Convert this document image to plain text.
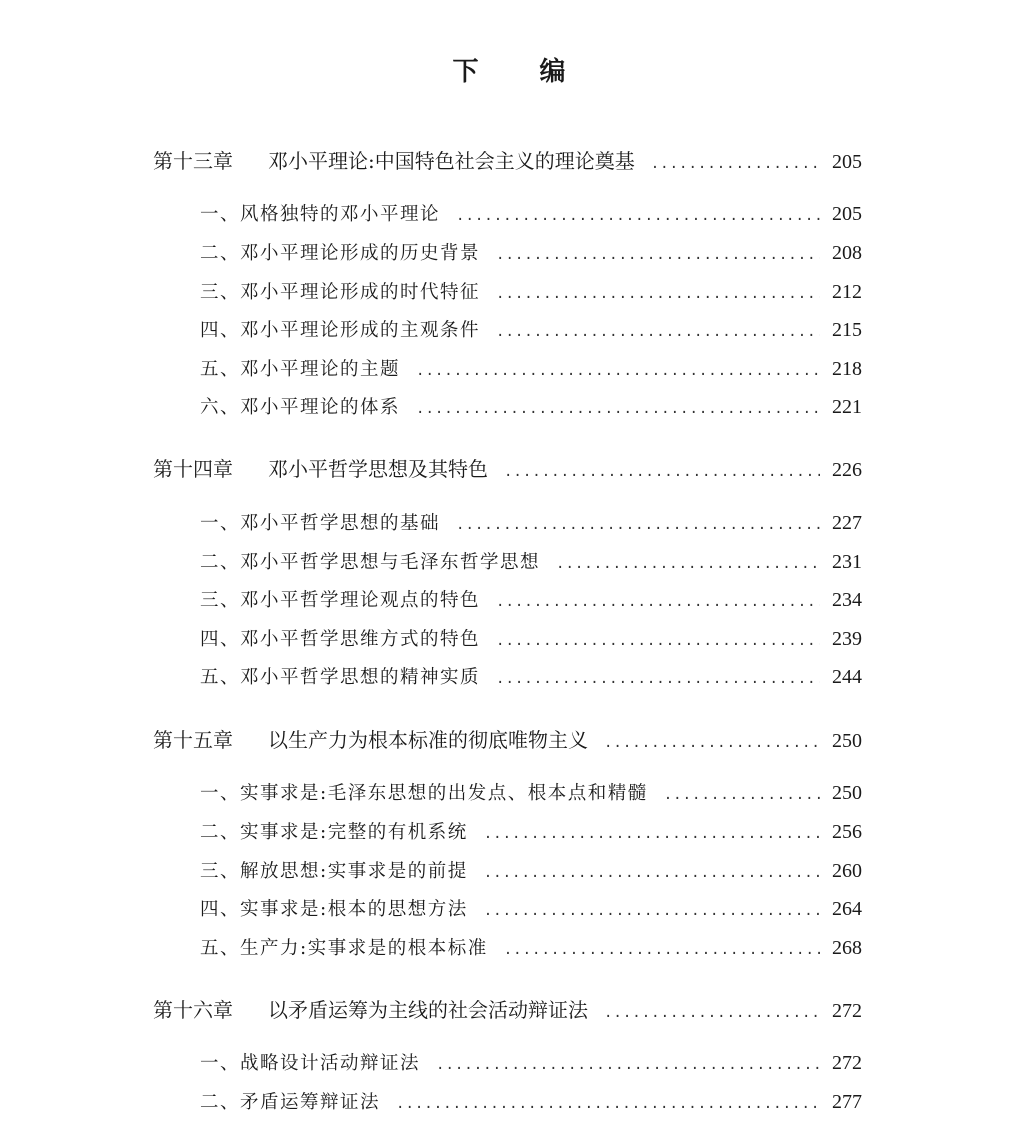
下 编
第十三章	邓小平理论:中国特色社会主义的理论奠基 .....	205
一、风格独特的邓小平理论 .....	205
二、邓小平理论形成的历史背景 .....	208
三、邓小平理论形成的时代特征 .....	212
四、邓小平理论形成的主观条件 .....	215
五、邓小平理论的主题 .....	218
六、邓小平理论的体系 .....	221
第十四章	邓小平哲学思想及其特色 .....	226
一、邓小平哲学思想的基础 .....	227
二、邓小平哲学思想与毛泽东哲学思想 .....	231
三、邓小平哲学理论观点的特色 .....	234
四、邓小平哲学思维方式的特色 .....	239
五、邓小平哲学思想的精神实质 .....	244
第十五章	以生产力为根本标准的彻底唯物主义 .....	250
一、实事求是:毛泽东思想的出发点、根本点和精髓 .....	250
二、实事求是:完整的有机系统 .....	256
三、解放思想:实事求是的前提 .....	260
四、实事求是:根本的思想方法 .....	264
五、生产力:实事求是的根本标准 .....	268
第十六章	以矛盾运筹为主线的社会活动辩证法 .....	272
一、战略设计活动辩证法 .....	272
二、矛盾运筹辩证法 .....	277
